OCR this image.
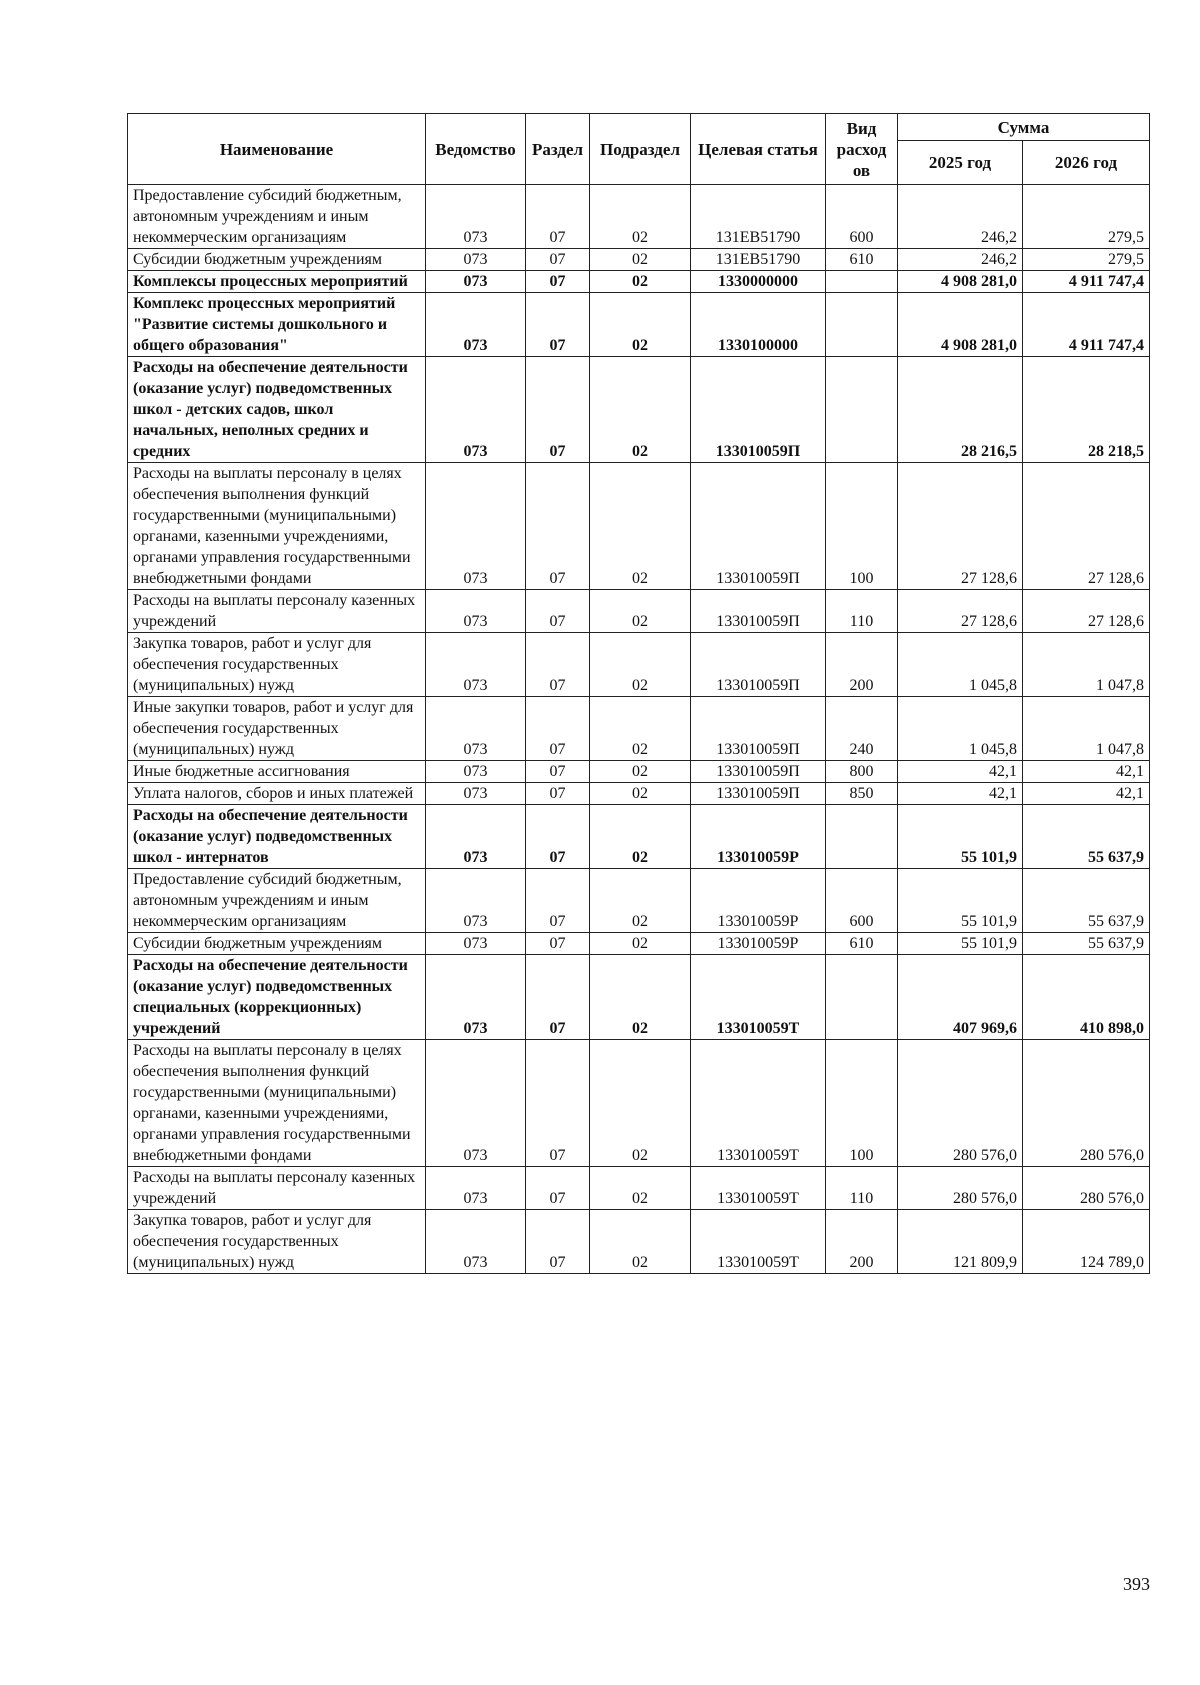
Наименование	Ведомство	Раздел	Подраздел	Целевая статья	Вид расход ов	Сумма	
						2025 год	2026 год
Предоставление субсидий бюджетным, автономным учреждениям и иным некоммерческим организациям	073	07	02	131ЕВ51790	600	246,2	279,5
Субсидии бюджетным учреждениям	073	07	02	131ЕВ51790	610	246,2	279,5
Комплексы процессных мероприятий	073	07	02	1330000000		4 908 281,0	4 911 747,4
Комплекс процессных мероприятий "Развитие системы дошкольного и общего образования"	073	07	02	1330100000		4 908 281,0	4 911 747,4
Расходы на обеспечение деятельности (оказание услуг) подведомственных школ - детских садов, школ начальных, неполных средних и средних	073	07	02	133010059П		28 216,5	28 218,5
Расходы на выплаты персоналу в целях обеспечения выполнения функций государственными (муниципальными) органами, казенными учреждениями, органами управления государственными внебюджетными фондами	073	07	02	133010059П	100	27 128,6	27 128,6
Расходы на выплаты персоналу казенных учреждений	073	07	02	133010059П	110	27 128,6	27 128,6
Закупка товаров, работ и услуг для обеспечения государственных (муниципальных) нужд	073	07	02	133010059П	200	1 045,8	1 047,8
Иные закупки товаров, работ и услуг для обеспечения государственных (муниципальных) нужд	073	07	02	133010059П	240	1 045,8	1 047,8
Иные бюджетные ассигнования	073	07	02	133010059П	800	42,1	42,1
Уплата налогов, сборов и иных платежей	073	07	02	133010059П	850	42,1	42,1
Расходы на обеспечение деятельности (оказание услуг) подведомственных школ - интернатов	073	07	02	133010059Р		55 101,9	55 637,9
Предоставление субсидий бюджетным, автономным учреждениям и иным некоммерческим организациям	073	07	02	133010059Р	600	55 101,9	55 637,9
Субсидии бюджетным учреждениям	073	07	02	133010059Р	610	55 101,9	55 637,9
Расходы на обеспечение деятельности (оказание услуг) подведомственных специальных (коррекционных) учреждений	073	07	02	133010059Т		407 969,6	410 898,0
Расходы на выплаты персоналу в целях обеспечения выполнения функций государственными (муниципальными) органами, казенными учреждениями, органами управления государственными внебюджетными фондами	073	07	02	133010059Т	100	280 576,0	280 576,0
Расходы на выплаты персоналу казенных учреждений	073	07	02	133010059Т	110	280 576,0	280 576,0
Закупка товаров, работ и услуг для обеспечения государственных (муниципальных) нужд	073	07	02	133010059Т	200	121 809,9	124 789,0
393
